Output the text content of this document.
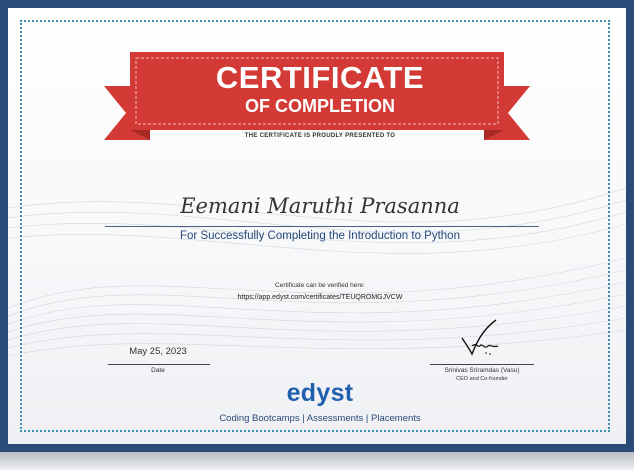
CERTIFICATE
OF COMPLETION
THE CERTIFICATE IS PROUDLY PRESENTED TO
Eemani Maruthi Prasanna
For Successfully Completing the Introduction to Python
Certificate can be verified here:
https://app.edyst.com/certificates/TEUQROMGJVCW
May 25, 2023
Date	Srinivas Sriramdas (Vasu)
CEO and Co-founder
edyst
Coding Bootcamps | Assessments | Placements
